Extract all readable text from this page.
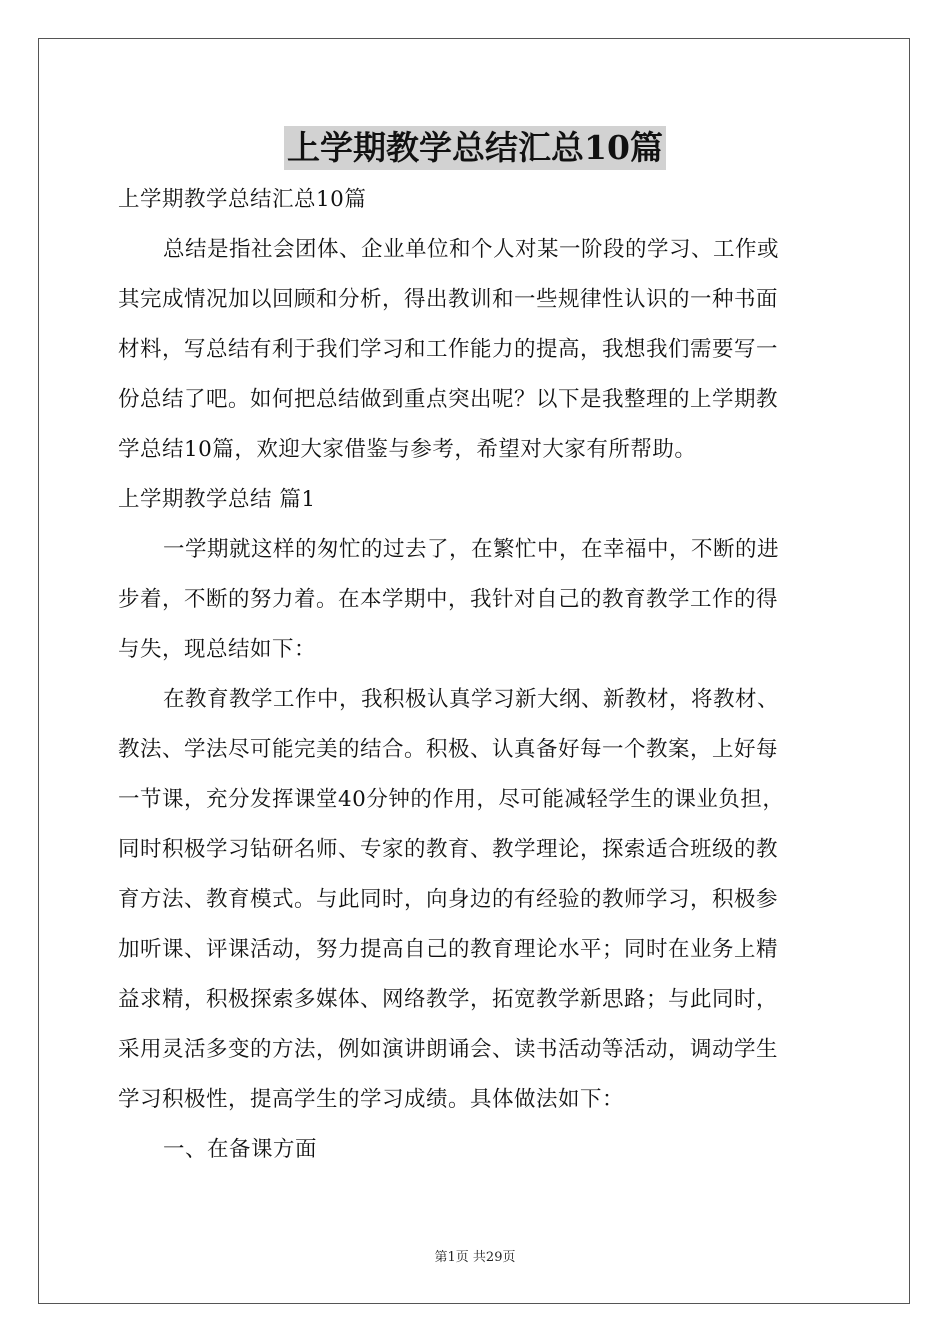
上学期教学总结汇总10篇
上学期教学总结汇总10篇
总结是指社会团体、企业单位和个人对某一阶段的学习、工作或
其完成情况加以回顾和分析，得出教训和一些规律性认识的一种书面
材料，写总结有利于我们学习和工作能力的提高，我想我们需要写一
份总结了吧。如何把总结做到重点突出呢？以下是我整理的上学期教
学总结10篇，欢迎大家借鉴与参考，希望对大家有所帮助。
上学期教学总结 篇1
一学期就这样的匆忙的过去了，在繁忙中，在幸福中，不断的进
步着，不断的努力着。在本学期中，我针对自己的教育教学工作的得
与失，现总结如下：
在教育教学工作中，我积极认真学习新大纲、新教材，将教材、
教法、学法尽可能完美的结合。积极、认真备好每一个教案，上好每
一节课，充分发挥课堂40分钟的作用，尽可能减轻学生的课业负担，
同时积极学习钻研名师、专家的教育、教学理论，探索适合班级的教
育方法、教育模式。与此同时，向身边的有经验的教师学习，积极参
加听课、评课活动，努力提高自己的教育理论水平；同时在业务上精
益求精，积极探索多媒体、网络教学，拓宽教学新思路；与此同时，
采用灵活多变的方法，例如演讲朗诵会、读书活动等活动，调动学生
学习积极性，提高学生的学习成绩。具体做法如下：
一、在备课方面
第1页 共29页
